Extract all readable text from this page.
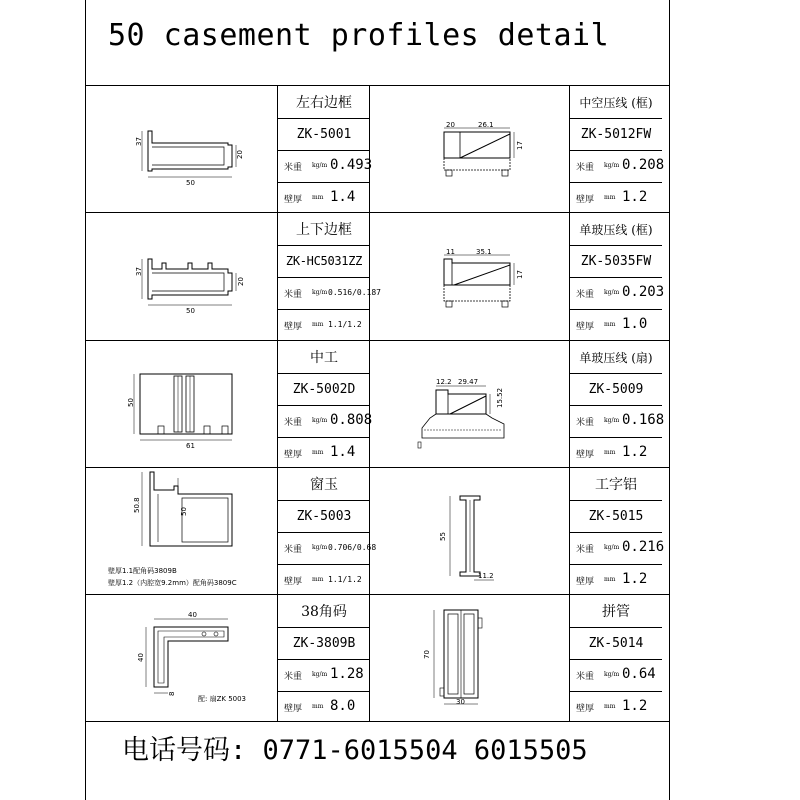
50 casement profiles detail
37
20
50
左右边框
ZK-5001
米重 kg/m 0.493
壁厚 mm 1.4
20	26.1
17
中空压线 (框)
ZK-5012FW
米重 kg/m 0.208
壁厚 mm 1.2
37
20
50
上下边框
ZK-HC5031ZZ
米重 kg/m 0.516/0.187
壁厚 mm 1.1/1.2
11	35.1
17
单玻压线 (框)
ZK-5035FW
米重 kg/m 0.203
壁厚 mm 1.0
50
61
中工
ZK-5002D
米重 kg/m 0.808
壁厚 mm 1.4
12.2 29.47
15.52
单玻压线 (扇)
ZK-5009
米重 kg/m 0.168
壁厚 mm 1.2
50.8	50
壁厚1.1配角码3809B
壁厚1.2（内腔宽9.2mm）配角码3809C
窗玉
ZK-5003
米重 kg/m 0.706/0.68
壁厚 mm 1.1/1.2
55
11.2
工字铝
ZK-5015
米重 kg/m 0.216
壁厚 mm 1.2
40
40
8
配: 扇ZK 5003
38角码
ZK-3809B
米重 kg/m 1.28
壁厚 mm 8.0
70
30
拼管
ZK-5014
米重 kg/m 0.64
壁厚 mm 1.2
电话号码: 0771-6015504 6015505
